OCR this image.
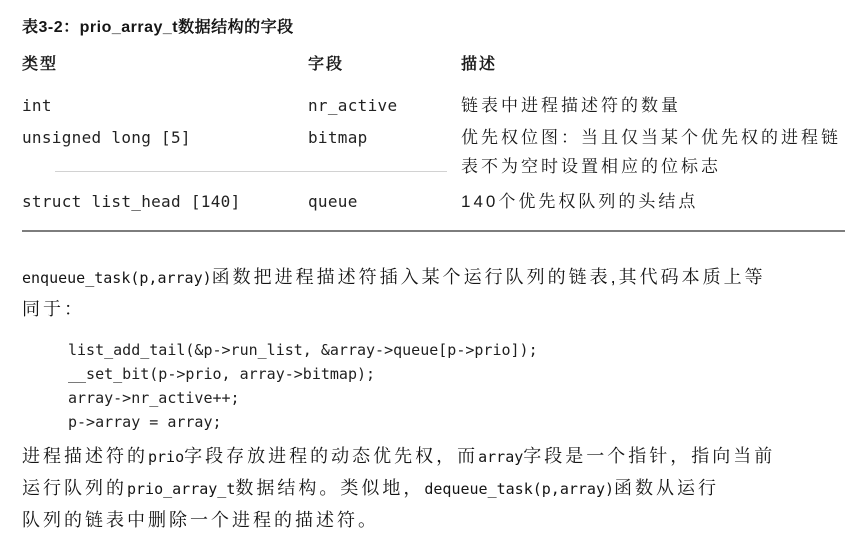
表3-2：prio_array_t数据结构的字段
类型	字段	描述
int	nr_active	链表中进程描述符的数量
unsigned long [5]	bitmap	优先权位图：当且仅当某个优先权的进程链表不为空时设置相应的位标志
struct list_head [140]	queue	140个优先权队列的头结点
enqueue_task(p,array)函数把进程描述符插入某个运行队列的链表,其代码本质上等
同于：
list_add_tail(&p->run_list, &array->queue[p->prio]);
__set_bit(p->prio, array->bitmap);
array->nr_active++;
p->array = array;
进程描述符的prio字段存放进程的动态优先权，而array字段是一个指针，指向当前
运行队列的prio_array_t数据结构。类似地，dequeue_task(p,array)函数从运行
队列的链表中删除一个进程的描述符。
